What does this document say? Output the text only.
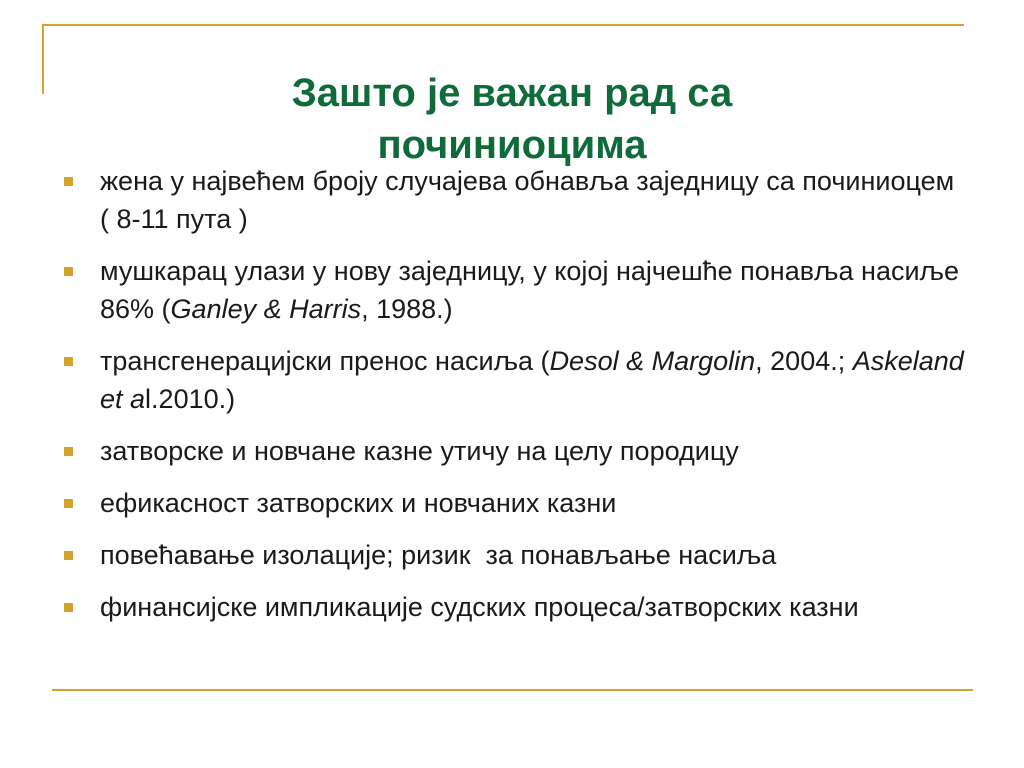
Зашто је важан рад са
починиоцима
жена у највећем броју случајева обнавља заједницу са починиоцем ( 8-11 пута )
мушкарац улази у нову заједницу, у којој најчешће понавља насиље 86% (Ganley & Harris, 1988.)
трансгенерацијски пренос насиља (Desol & Margolin, 2004.; Askeland et al.2010.)
затворске и новчане казне утичу на целу породицу
ефикасност затворских и новчаних казни
повећавање изолације; ризик  за понављање насиља
финансијске импликације судских процеса/затворских казни
